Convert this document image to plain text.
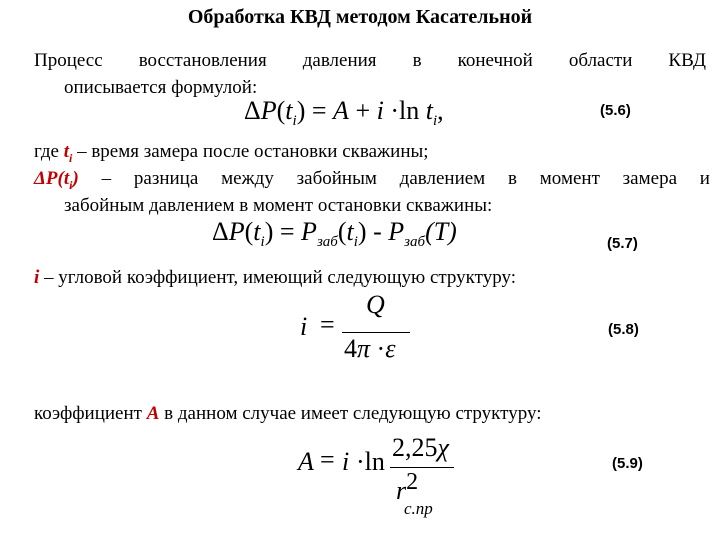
Обработка КВД методом Касательной
Процесс восстановления давления в конечной области КВД
описывается формулой:
$\Delta P(t_i) = A + i \cdot\ln$ $t_i$,	(5.6)
где $t_i$ – время замера после остановки скважины;
$\Delta P(t_i)$ – разница между забойным давлением в момент замера и
забойным давлением в момент остановки скважины:
$\Delta P(t_i) = P_{заб}(t_i) - P_{заб}(T)$	(5.7)
i – угловой коэффициент, имеющий следующую структуру:
i =
Q
4π ·ε
(5.8)
коэффициент A в данном случае имеет следующую структуру:
A = i ·ln 2,25χ
r2
с.пр
(5.9)
